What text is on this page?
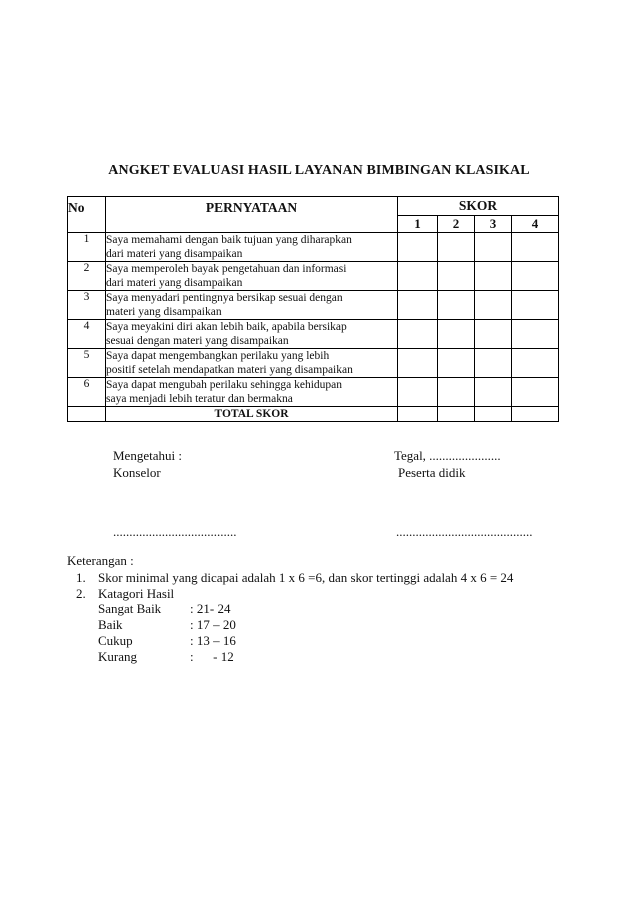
ANGKET EVALUASI HASIL LAYANAN BIMBINGAN KLASIKAL
No	PERNYATAAN	SKOR			
		1	2	3	4
1	Saya memahami dengan baik tujuan yang diharapkan
dari materi yang disampaikan				

2	Saya memperoleh bayak pengetahuan dan informasi
dari materi yang disampaikan				

3	Saya menyadari pentingnya bersikap sesuai dengan
materi yang disampaikan				

4	Saya meyakini diri akan lebih baik, apabila bersikap
sesuai dengan materi yang disampaikan				

5	Saya dapat mengembangkan perilaku yang lebih
positif setelah mendapatkan materi yang disampaikan				

6	Saya dapat mengubah perilaku sehingga kehidupan
saya menjadi lebih teratur dan bermakna				

	TOTAL SKOR				
Mengetahui :
Konselor
Tegal, ......................
Peserta didik
......................................	..........................................
Keterangan :
1. Skor minimal yang dicapai adalah 1 x 6 =6, dan skor tertinggi adalah 4 x 6 = 24
2. Katagori Hasil
Sangat Baik : 21- 24
Baik	: 17 – 20
Cukup	: 13 – 16
Kurang	:      - 12
